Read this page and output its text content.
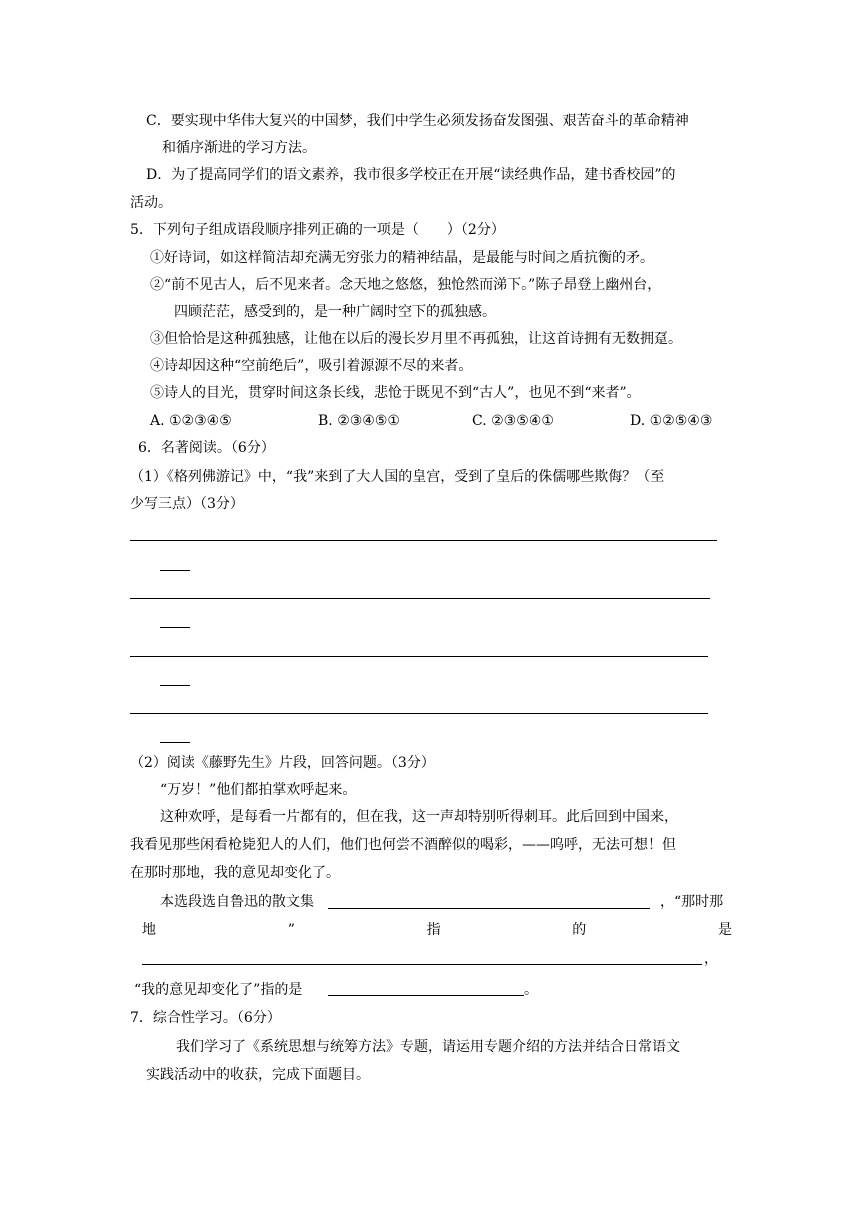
C．要实现中华伟大复兴的中国梦，我们中学生必须发扬奋发图强、艰苦奋斗的革命精神
和循序渐进的学习方法。
D．为了提高同学们的语文素养，我市很多学校正在开展“读经典作品，建书香校园”的
活动。
5．下列句子组成语段顺序排列正确的一项是（　　）（2分）
①好诗词，如这样简洁却充满无穷张力的精神结晶，是最能与时间之盾抗衡的矛。
②“前不见古人，后不见来者。念天地之悠悠，独怆然而涕下。”陈子昂登上幽州台，
四顾茫茫，感受到的，是一种广阔时空下的孤独感。
③但恰恰是这种孤独感，让他在以后的漫长岁月里不再孤独，让这首诗拥有无数拥趸。
④诗却因这种“空前绝后”，吸引着源源不尽的来者。
⑤诗人的目光，贯穿时间这条长线，悲怆于既见不到“古人”，也见不到“来者”。
A. ①②③④⑤	B. ②③④⑤①	C. ②③⑤④①	D. ①②⑤④③
6．名著阅读。（6分）
（1）《格列佛游记》中，“我”来到了大人国的皇宫，受到了皇后的侏儒哪些欺侮？（至
少写三点）（3分）
（2）阅读《藤野先生》片段，回答问题。（3分）
“万岁！”他们都拍掌欢呼起来。
这种欢呼，是每看一片都有的，但在我，这一声却特别听得刺耳。此后回到中国来，
我看见那些闲看枪毙犯人的人们，他们也何尝不酒醉似的喝彩，——呜呼，无法可想！但
在那时那地，我的意见却变化了。
本选段选自鲁迅的散文集	，“那时那
地	”	指	的	是
，
“我的意见却变化了”指的是	。
7．综合性学习。（6分）
我们学习了《系统思想与统筹方法》专题，请运用专题介绍的方法并结合日常语文
实践活动中的收获，完成下面题目。
